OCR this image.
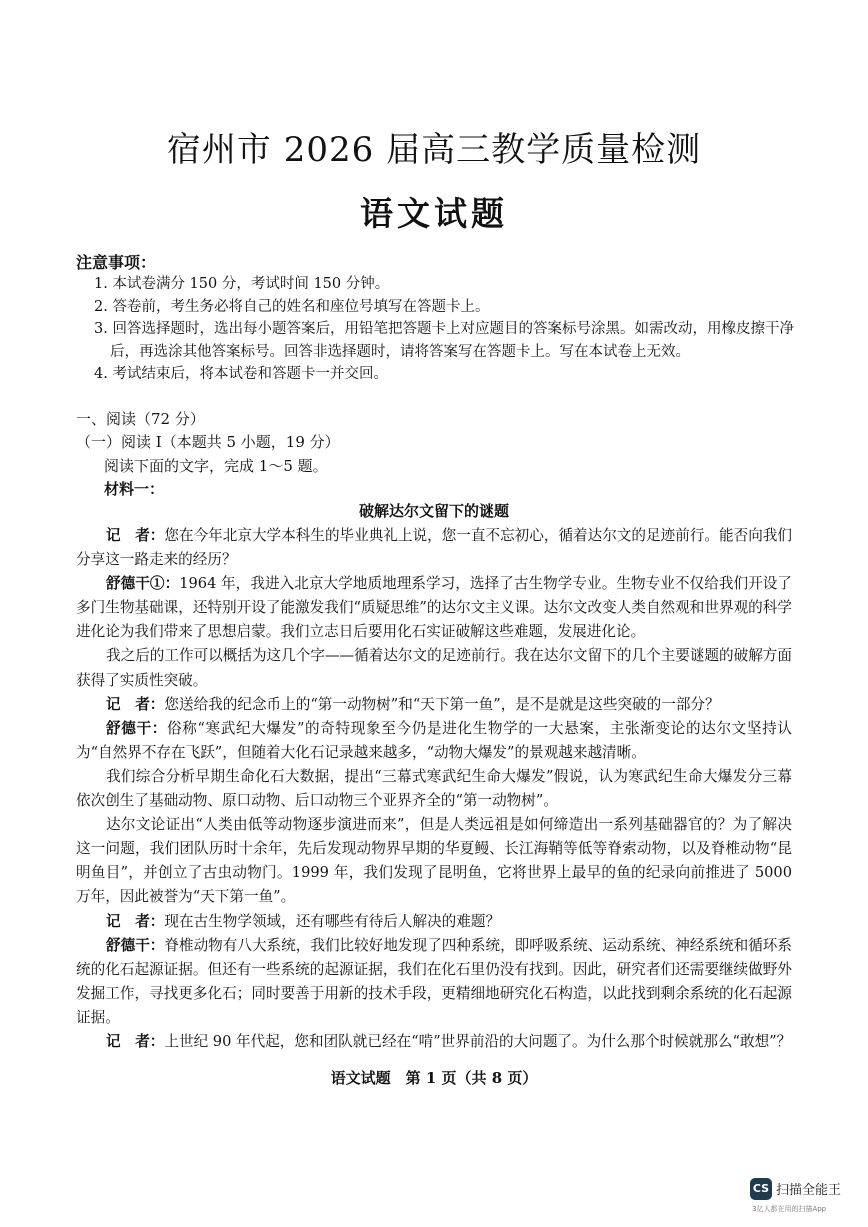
宿州市 2026 届高三教学质量检测
语文试题
注意事项：

1. 本试卷满分 150 分，考试时间 150 分钟。

2. 答卷前，考生务必将自己的姓名和座位号填写在答题卡上。

3. 回答选择题时，选出每小题答案后，用铅笔把答题卡上对应题目的答案标号涂黑。如需改动，用橡皮擦干净后，再选涂其他答案标号。回答非选择题时，请将答案写在答题卡上。写在本试卷上无效。

4. 考试结束后，将本试卷和答题卡一并交回。

一、阅读（72 分）
（一）阅读 I（本题共 5 小题，19 分）
阅读下面的文字，完成 1～5 题。
材料一：
破解达尔文留下的谜题

记　者：您在今年北京大学本科生的毕业典礼上说，您一直不忘初心，循着达尔文的足迹前行。能否向我们分享这一路走来的经历？

舒德干①：1964 年，我进入北京大学地质地理系学习，选择了古生物学专业。生物专业不仅给我们开设了多门生物基础课，还特别开设了能激发我们“质疑思维”的达尔文主义课。达尔文改变人类自然观和世界观的科学进化论为我们带来了思想启蒙。我们立志日后要用化石实证破解这些难题，发展进化论。

我之后的工作可以概括为这几个字——循着达尔文的足迹前行。我在达尔文留下的几个主要谜题的破解方面获得了实质性突破。

记　者：您送给我的纪念币上的“第一动物树”和“天下第一鱼”，是不是就是这些突破的一部分？

舒德干：俗称“寒武纪大爆发”的奇特现象至今仍是进化生物学的一大悬案，主张渐变论的达尔文坚持认为“自然界不存在飞跃”，但随着大化石记录越来越多，“动物大爆发”的景观越来越清晰。

我们综合分析早期生命化石大数据，提出“三幕式寒武纪生命大爆发”假说，认为寒武纪生命大爆发分三幕依次创生了基础动物、原口动物、后口动物三个亚界齐全的“第一动物树”。

达尔文论证出“人类由低等动物逐步演进而来”，但是人类远祖是如何缔造出一系列基础器官的？为了解决这一问题，我们团队历时十余年，先后发现动物界早期的华夏鳗、长江海鞘等低等脊索动物，以及脊椎动物“昆明鱼目”，并创立了古虫动物门。1999 年，我们发现了昆明鱼，它将世界上最早的鱼的纪录向前推进了 5000 万年，因此被誉为“天下第一鱼”。

记　者：现在古生物学领域，还有哪些有待后人解决的难题？

舒德干：脊椎动物有八大系统，我们比较好地发现了四种系统，即呼吸系统、运动系统、神经系统和循环系统的化石起源证据。但还有一些系统的起源证据，我们在化石里仍没有找到。因此，研究者们还需要继续做野外发掘工作，寻找更多化石；同时要善于用新的技术手段，更精细地研究化石构造，以此找到剩余系统的化石起源证据。

记　者：上世纪 90 年代起，您和团队就已经在“啃”世界前沿的大问题了。为什么那个时候就那么“敢想”？

语文试题　第 1 页（共 8 页）
CS 扫描全能王
3亿人都在用的扫描App
